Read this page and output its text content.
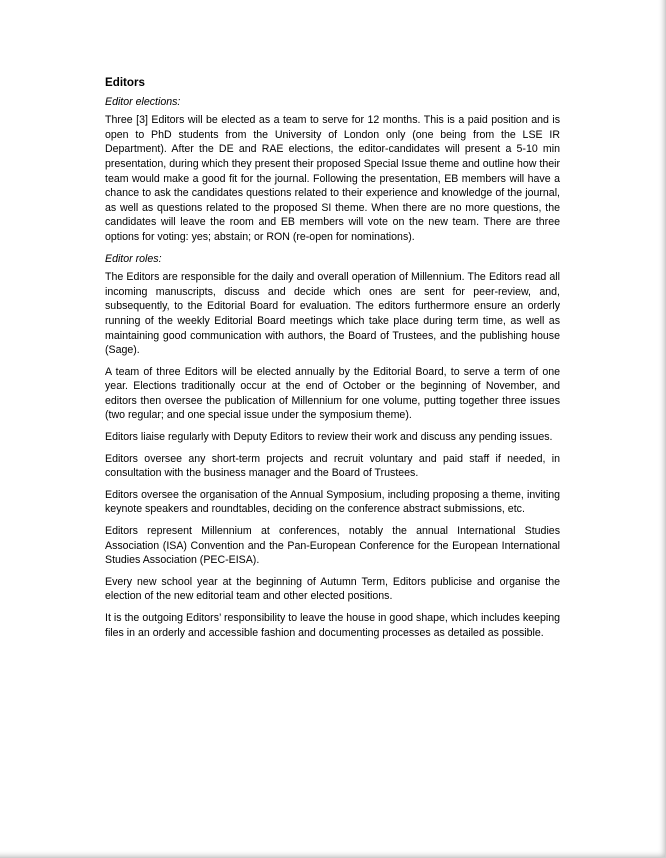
Editors
Editor elections:

Three [3] Editors will be elected as a team to serve for 12 months. This is a paid position and is open to PhD students from the University of London only (one being from the LSE IR Department). After the DE and RAE elections, the editor-candidates will present a 5-10 min presentation, during which they present their proposed Special Issue theme and outline how their team would make a good fit for the journal. Following the presentation, EB members will have a chance to ask the candidates questions related to their experience and knowledge of the journal, as well as questions related to the proposed SI theme. When there are no more questions, the candidates will leave the room and EB members will vote on the new team. There are three options for voting: yes; abstain; or RON (re-open for nominations).

Editor roles:

The Editors are responsible for the daily and overall operation of Millennium. The Editors read all incoming manuscripts, discuss and decide which ones are sent for peer-review, and, subsequently, to the Editorial Board for evaluation. The editors furthermore ensure an orderly running of the weekly Editorial Board meetings which take place during term time, as well as maintaining good communication with authors, the Board of Trustees, and the publishing house (Sage).

A team of three Editors will be elected annually by the Editorial Board, to serve a term of one year. Elections traditionally occur at the end of October or the beginning of November, and editors then oversee the publication of Millennium for one volume, putting together three issues (two regular; and one special issue under the symposium theme).

Editors liaise regularly with Deputy Editors to review their work and discuss any pending issues.

Editors oversee any short-term projects and recruit voluntary and paid staff if needed, in consultation with the business manager and the Board of Trustees.

Editors oversee the organisation of the Annual Symposium, including proposing a theme, inviting keynote speakers and roundtables, deciding on the conference abstract submissions, etc.

Editors represent Millennium at conferences, notably the annual International Studies Association (ISA) Convention and the Pan-European Conference for the European International Studies Association (PEC-EISA).

Every new school year at the beginning of Autumn Term, Editors publicise and organise the election of the new editorial team and other elected positions.

It is the outgoing Editors’ responsibility to leave the house in good shape, which includes keeping files in an orderly and accessible fashion and documenting processes as detailed as possible.
